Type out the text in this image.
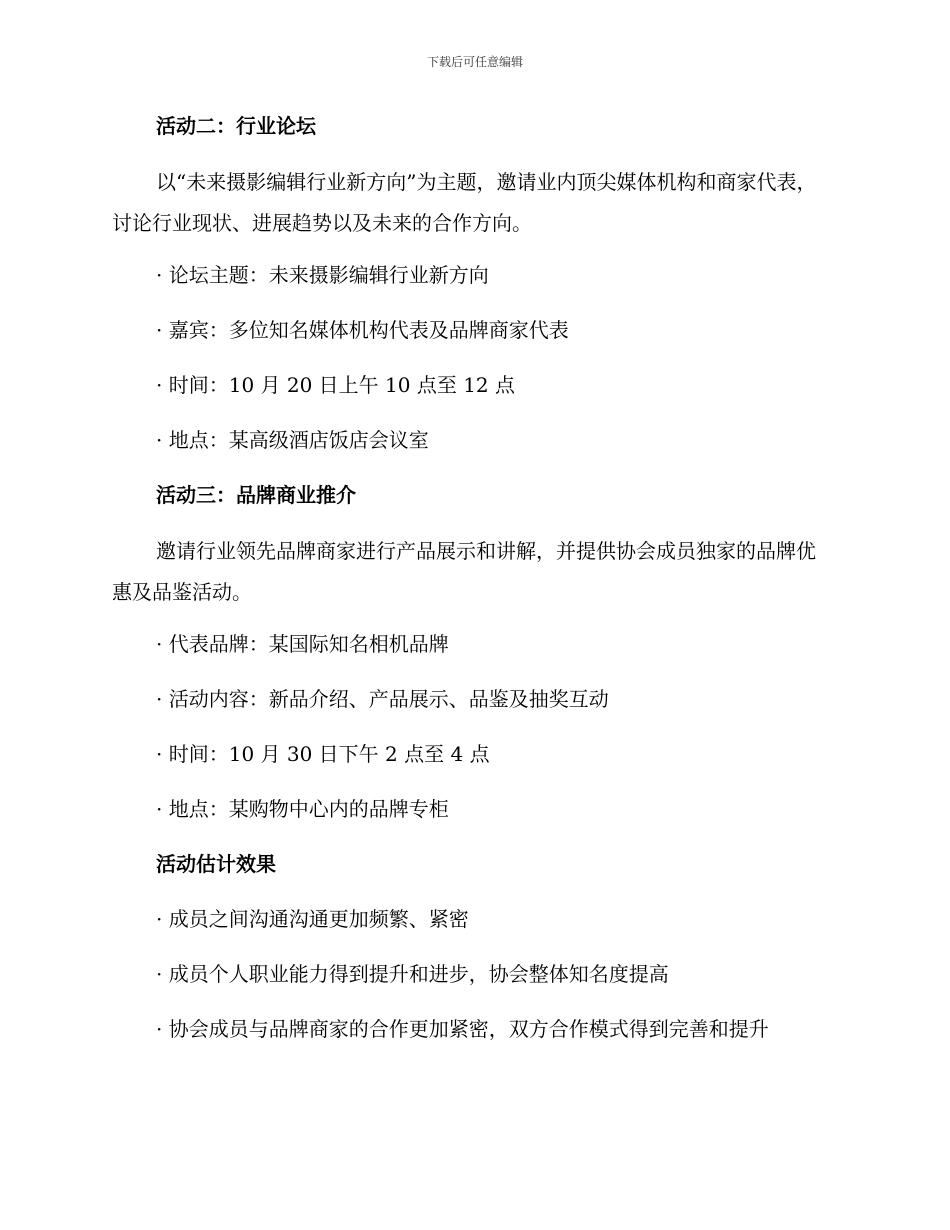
下载后可任意编辑
活动二：行业论坛
以“未来摄影编辑行业新方向”为主题，邀请业内顶尖媒体机构和商家代表，讨论行业现状、进展趋势以及未来的合作方向。
· 论坛主题：未来摄影编辑行业新方向
· 嘉宾：多位知名媒体机构代表及品牌商家代表
· 时间：10 月 20 日上午 10 点至 12 点
· 地点：某高级酒店饭店会议室
活动三：品牌商业推介
邀请行业领先品牌商家进行产品展示和讲解，并提供协会成员独家的品牌优惠及品鉴活动。
· 代表品牌：某国际知名相机品牌
· 活动内容：新品介绍、产品展示、品鉴及抽奖互动
· 时间：10 月 30 日下午 2 点至 4 点
· 地点：某购物中心内的品牌专柜
活动估计效果
· 成员之间沟通沟通更加频繁、紧密
· 成员个人职业能力得到提升和进步，协会整体知名度提高
· 协会成员与品牌商家的合作更加紧密，双方合作模式得到完善和提升
